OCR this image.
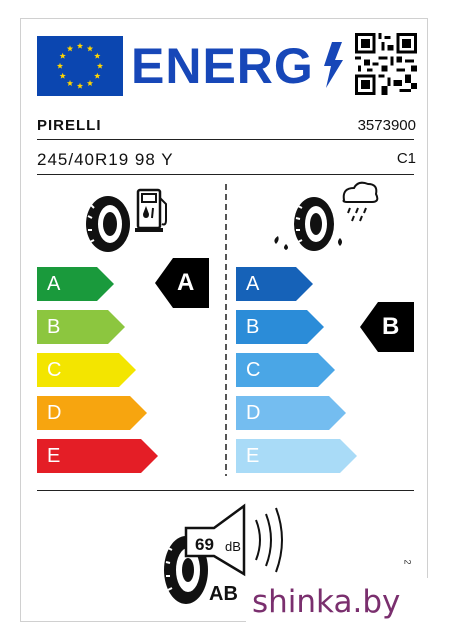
ENERG
PIRELLI	3573900
245/40R19 98 Y	C1
A
B
C
D
E
A
B
C
D
E
A
B
69 dB
AB
2
shinka.by
